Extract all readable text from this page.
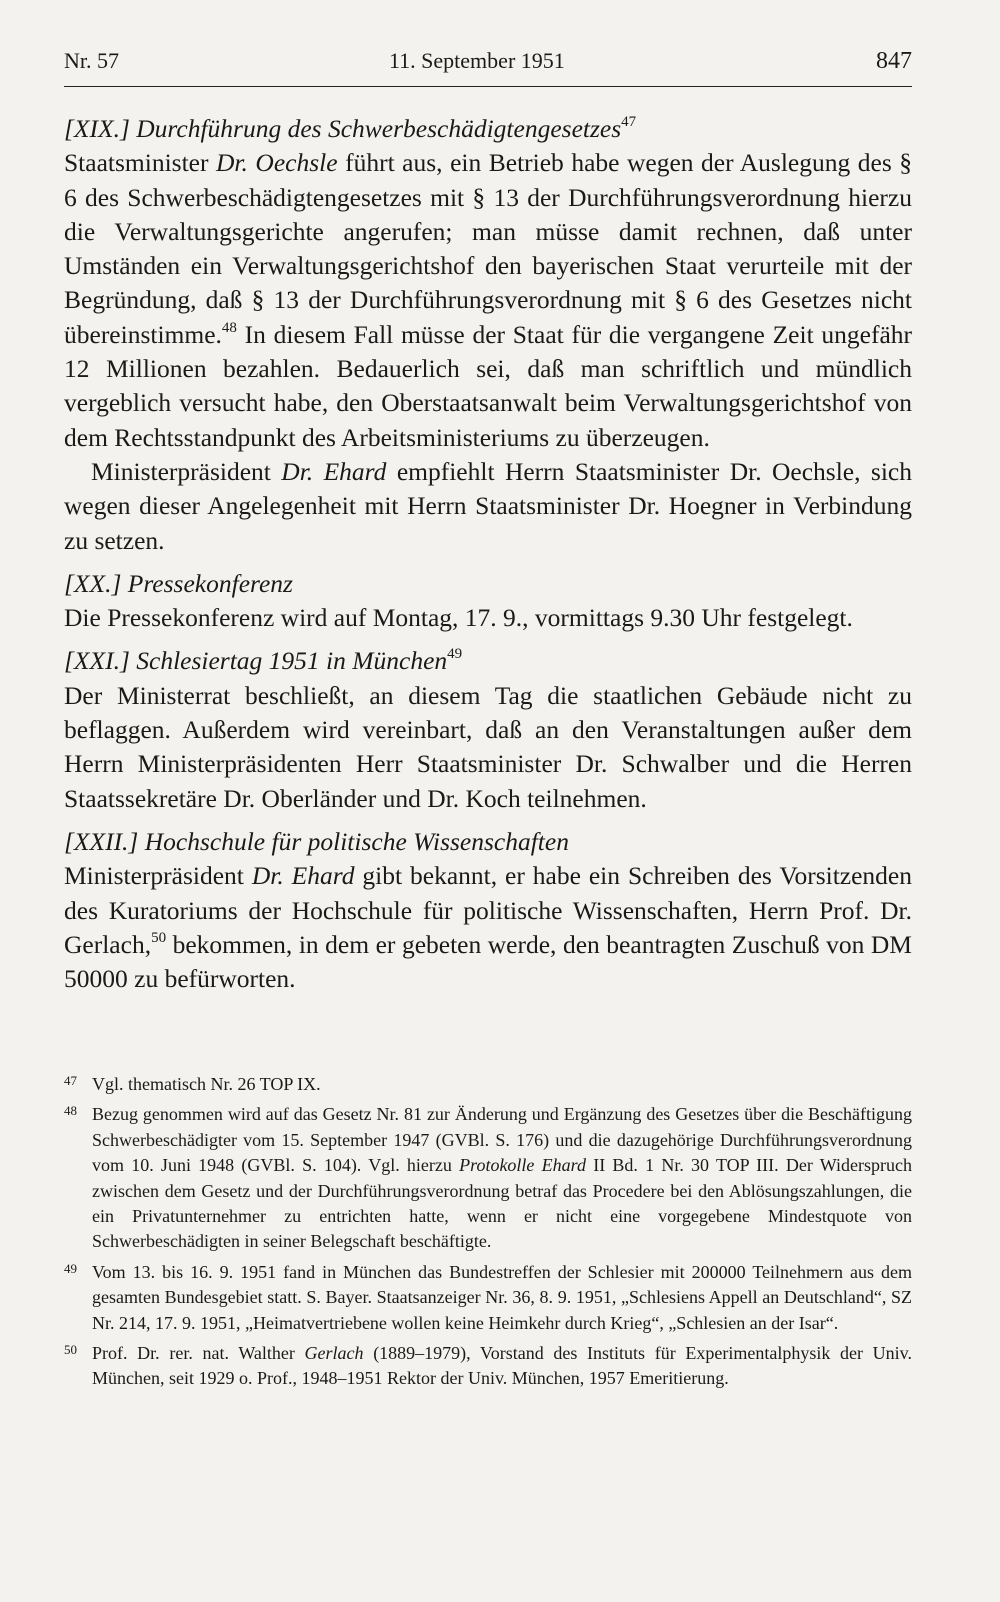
Nr. 57	11. September 1951	847

[XIX.] Durchführung des Schwerbeschädigtengesetzes$^{47}$

Staatsminister Dr. Oechsle führt aus, ein Betrieb habe wegen der Auslegung des § 6 des Schwerbeschädigtengesetzes mit § 13 der Durchführungsverordnung hierzu die Verwaltungsgerichte angerufen; man müsse damit rechnen, daß unter Umständen ein Verwaltungsgerichtshof den bayerischen Staat verurteile mit der Begründung, daß § 13 der Durchführungsverordnung mit § 6 des Gesetzes nicht übereinstimme.$^{48}$ In diesem Fall müsse der Staat für die vergangene Zeit ungefähr 12 Millionen bezahlen. Bedauerlich sei, daß man schriftlich und mündlich vergeblich versucht habe, den Oberstaatsanwalt beim Verwaltungsgerichtshof von dem Rechtsstandpunkt des Arbeitsministeriums zu überzeugen.

Ministerpräsident Dr. Ehard empfiehlt Herrn Staatsminister Dr. Oechsle, sich wegen dieser Angelegenheit mit Herrn Staatsminister Dr. Hoegner in Verbindung zu setzen.

[XX.] Pressekonferenz

Die Pressekonferenz wird auf Montag, 17. 9., vormittags 9.30 Uhr festgelegt.

[XXI.] Schlesiertag 1951 in München$^{49}$

Der Ministerrat beschließt, an diesem Tag die staatlichen Gebäude nicht zu beflaggen. Außerdem wird vereinbart, daß an den Veranstaltungen außer dem Herrn Ministerpräsidenten Herr Staatsminister Dr. Schwalber und die Herren Staatssekretäre Dr. Oberländer und Dr. Koch teilnehmen.

[XXII.] Hochschule für politische Wissenschaften

Ministerpräsident Dr. Ehard gibt bekannt, er habe ein Schreiben des Vorsitzenden des Kuratoriums der Hochschule für politische Wissenschaften, Herrn Prof. Dr. Gerlach,$^{50}$ bekommen, in dem er gebeten werde, den beantragten Zuschuß von DM 50000 zu befürworten.

47 Vgl. thematisch Nr. 26 TOP IX.

48 Bezug genommen wird auf das Gesetz Nr. 81 zur Änderung und Ergänzung des Gesetzes über die Beschäftigung Schwerbeschädigter vom 15. September 1947 (GVBl. S. 176) und die dazugehörige Durchführungsverordnung vom 10. Juni 1948 (GVBl. S. 104). Vgl. hierzu Protokolle Ehard II Bd. 1 Nr. 30 TOP III. Der Widerspruch zwischen dem Gesetz und der Durchführungsverordnung betraf das Procedere bei den Ablösungszahlungen, die ein Privatunternehmer zu entrichten hatte, wenn er nicht eine vorgegebene Mindestquote von Schwerbeschädigten in seiner Belegschaft beschäftigte.

49 Vom 13. bis 16. 9. 1951 fand in München das Bundestreffen der Schlesier mit 200000 Teilnehmern aus dem gesamten Bundesgebiet statt. S. Bayer. Staatsanzeiger Nr. 36, 8. 9. 1951, „Schlesiens Appell an Deutschland“, SZ Nr. 214, 17. 9. 1951, „Heimatvertriebene wollen keine Heimkehr durch Krieg“, „Schlesien an der Isar“.

50 Prof. Dr. rer. nat. Walther Gerlach (1889–1979), Vorstand des Instituts für Experimentalphysik der Univ. München, seit 1929 o. Prof., 1948–1951 Rektor der Univ. München, 1957 Emeritierung.
